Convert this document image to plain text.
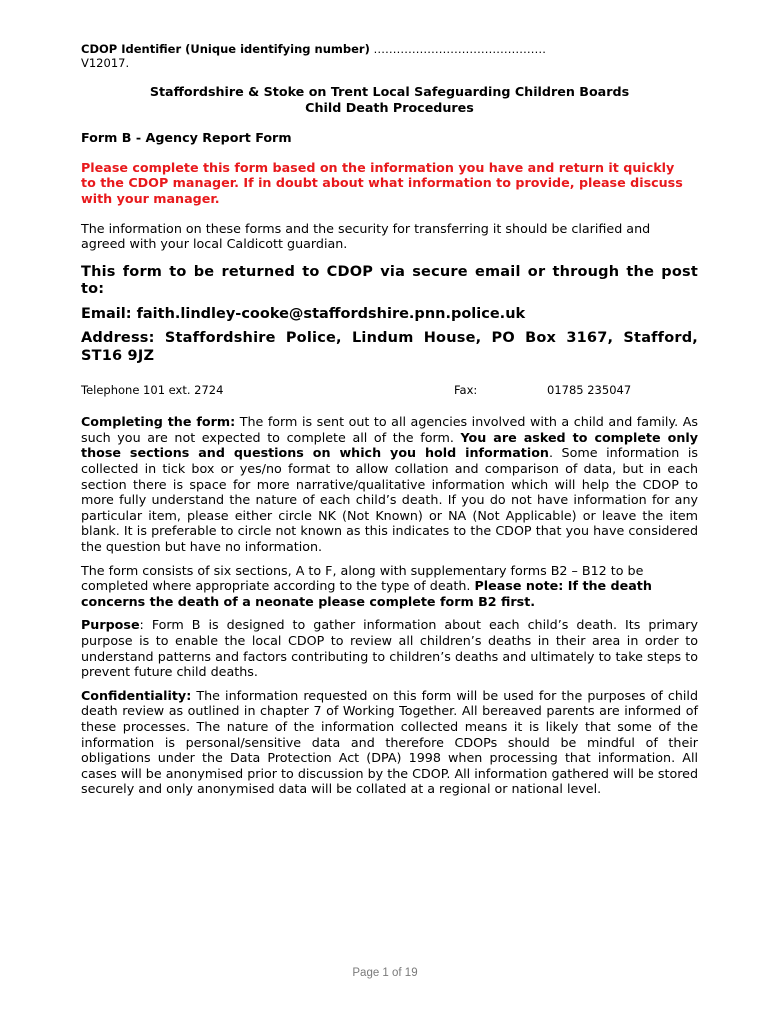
CDOP Identifier (Unique identifying number) ………………………………………

V12017.

Staffordshire & Stoke on Trent Local Safeguarding Children Boards

Child Death Procedures

Form B - Agency Report Form

Please complete this form based on the information you have and return it quickly to the CDOP manager. If in doubt about what information to provide, please discuss with your manager.

The information on these forms and the security for transferring it should be clarified and agreed with your local Caldicott guardian.

This form to be returned to CDOP via secure email or through the post to:

Email: faith.lindley-cooke@staffordshire.pnn.police.uk

Address: Staffordshire Police, Lindum House, PO Box 3167, Stafford, ST16 9JZ

Telephone 101 ext. 2724	Fax:	01785 235047

Completing the form: The form is sent out to all agencies involved with a child and family. As such you are not expected to complete all of the form. You are asked to complete only those sections and questions on which you hold information. Some information is collected in tick box or yes/no format to allow collation and comparison of data, but in each section there is space for more narrative/qualitative information which will help the CDOP to more fully understand the nature of each child’s death. If you do not have information for any particular item, please either circle NK (Not Known) or NA (Not Applicable) or leave the item blank. It is preferable to circle not known as this indicates to the CDOP that you have considered the question but have no information.

The form consists of six sections, A to F, along with supplementary forms B2 – B12 to be completed where appropriate according to the type of death. Please note: If the death concerns the death of a neonate please complete form B2 first.

Purpose: Form B is designed to gather information about each child’s death. Its primary purpose is to enable the local CDOP to review all children’s deaths in their area in order to understand patterns and factors contributing to children’s deaths and ultimately to take steps to prevent future child deaths.

Confidentiality: The information requested on this form will be used for the purposes of child death review as outlined in chapter 7 of Working Together. All bereaved parents are informed of these processes. The nature of the information collected means it is likely that some of the information is personal/sensitive data and therefore CDOPs should be mindful of their obligations under the Data Protection Act (DPA) 1998 when processing that information. All cases will be anonymised prior to discussion by the CDOP. All information gathered will be stored securely and only anonymised data will be collated at a regional or national level.

Page 1 of 19
